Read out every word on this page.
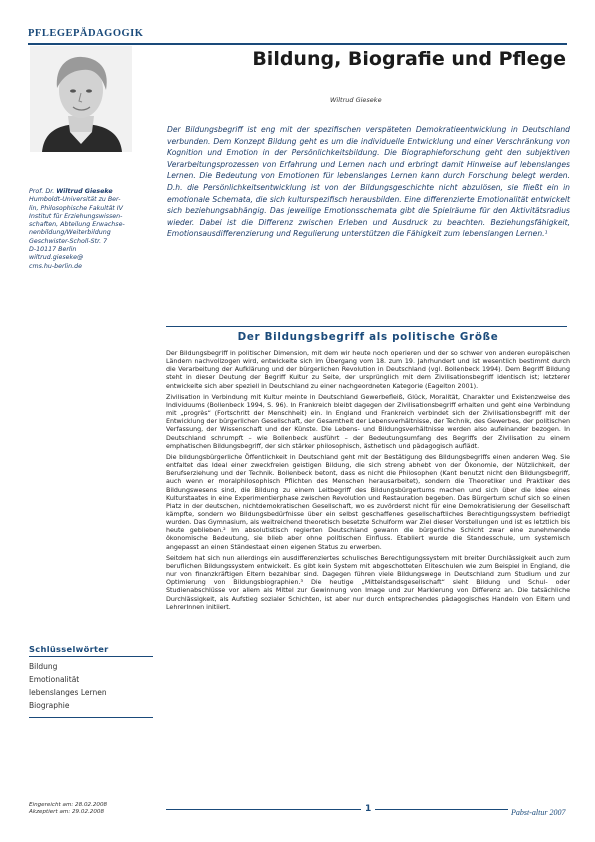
PFLEGEPÄDAGOGIK
Bildung, Biografie und Pflege
Wiltrud Gieseke
Der Bildungsbegriff ist eng mit der spezifischen verspäteten Demokratieentwicklung in Deutschland verbunden. Dem Konzept Bildung geht es um die individuelle Entwicklung und einer Verschränkung von Kognition und Emotion in der Persönlichkeitsbildung. Die Biographieforschung geht den subjektiven Verarbeitungsprozessen von Erfahrung und Lernen nach und erbringt damit Hinweise auf lebenslanges Lernen. Die Bedeutung von Emotionen für lebenslanges Lernen kann durch Forschung belegt werden. D.h. die Persönlichkeitsentwicklung ist von der Bildungsgeschichte nicht abzulösen, sie fließt ein in emotionale Schemata, die sich kulturspezifisch herausbilden. Eine differenzierte Emotionalität entwickelt sich beziehungsabhängig. Das jeweilige Emotionsschemata gibt die Spielräume für den Aktivitätsradius wieder. Dabei ist die Differenz zwischen Erleben und Ausdruck zu beachten. Beziehungsfähigkeit, Emotionsausdifferenzierung und Regulierung unterstützen die Fähigkeit zum lebenslangen Lernen.¹
Prof. Dr. Wiltrud Gieseke
Humboldt-Universität zu Ber-
lin, Philosophische Fakultät IV
Institut für Erziehungswissen-
schaften, Abteilung Erwachse-
nenbildung/Weiterbildung
Geschwister-Scholl-Str. 7
D-10117 Berlin
wiltrud.gieseke@
cms.hu-berlin.de
Der Bildungsbegriff als politische Größe

Der Bildungsbegriff in politischer Dimension, mit dem wir heute noch operieren und der so schwer von anderen europäischen Ländern nachvollzogen wird, entwickelte sich im Übergang vom 18. zum 19. Jahrhundert und ist wesentlich bestimmt durch die Verarbeitung der Aufklärung und der bürgerlichen Revolution in Deutschland (vgl. Bollenbeck 1994). Dem Begriff Bildung steht in dieser Deutung der Begriff Kultur zu Seite, der ursprünglich mit dem Zivilisationsbegriff identisch ist; letzterer entwickelte sich aber speziell in Deutschland zu einer nachgeordneten Kategorie (Eagelton 2001).

Zivilisation in Verbindung mit Kultur meinte in Deutschland Gewerbefleiß, Glück, Moralität, Charakter und Existenzweise des Individuums (Bollenbeck 1994, S. 96). In Frankreich bleibt dagegen der Zivilisationsbegriff erhalten und geht eine Verbindung mit „progrès“ (Fortschritt der Menschheit) ein. In England und Frankreich verbindet sich der Zivilisationsbegriff mit der Entwicklung der bürgerlichen Gesellschaft, der Gesamtheit der Lebensverhältnisse, der Technik, des Gewerbes, der politischen Verfassung, der Wissenschaft und der Künste. Die Lebens- und Bildungsverhältnisse werden also aufeinander bezogen. In Deutschland schrumpft – wie Bollenbeck ausführt – der Bedeutungsumfang des Begriffs der Zivilisation zu einem emphatischen Bildungsbegriff, der sich stärker philosophisch, ästhetisch und pädagogisch auflädt.

Die bildungsbürgerliche Öffentlichkeit in Deutschland geht mit der Bestätigung des Bildungsbegriffs einen anderen Weg. Sie entfaltet das Ideal einer zweckfreien geistigen Bildung, die sich streng abhebt von der Ökonomie, der Nützlichkeit, der Berufserziehung und der Technik. Bollenbeck betont, dass es nicht die Philosophen (Kant benutzt nicht den Bildungsbegriff, auch wenn er moralphilosophisch Pflichten des Menschen herausarbeitet), sondern die Theoretiker und Praktiker des Bildungswesens sind, die Bildung zu einem Leitbegriff des Bildungsbürgertums machen und sich über die Idee eines Kulturstaates in eine Experimentierphase zwischen Revolution und Restauration begeben. Das Bürgertum schuf sich so einen Platz in der deutschen, nichtdemokratischen Gesellschaft, wo es zuvörderst nicht für eine Demokratisierung der Gesellschaft kämpfte, sondern wo Bildungsbedürfnisse über ein selbst geschaffenes gesellschaftliches Berechtigungssystem befriedigt wurden. Das Gymnasium, als weitreichend theoretisch besetzte Schulform war Ziel dieser Vorstellungen und ist es letztlich bis heute geblieben.² Im absolutistisch regierten Deutschland gewann die bürgerliche Schicht zwar eine zunehmende ökonomische Bedeutung, sie blieb aber ohne politischen Einfluss. Etabliert wurde die Standesschule, um systemisch angepasst an einen Ständestaat einen eigenen Status zu erwerben.

Seitdem hat sich nun allerdings ein ausdifferenziertes schulisches Berechtigungssystem mit breiter Durchlässigkeit auch zum beruflichen Bildungssystem entwickelt. Es gibt kein System mit abgeschotteten Eliteschulen wie zum Beispiel in England, die nur von finanzkräftigen Eltern bezahlbar sind. Dagegen führen viele Bildungswege in Deutschland zum Studium und zur Optimierung von Bildungsbiographien.³ Die heutige „Mittelstandsgesellschaft“ sieht Bildung und Schul- oder Studienabschlüsse vor allem als Mittel zur Gewinnung von Image und zur Markierung von Differenz an. Die tatsächliche Durchlässigkeit, als Aufstieg sozialer Schichten, ist aber nur durch entsprechendes pädagogisches Handeln von Eltern und LehrerInnen initiiert.

Schlüsselwörter
Bildung
Emotionalität
lebenslanges Lernen
Biographie
Eingereicht am: 28.02.2008
Akzeptiert am: 29.02.2008	1	Pabst-altur 2007
